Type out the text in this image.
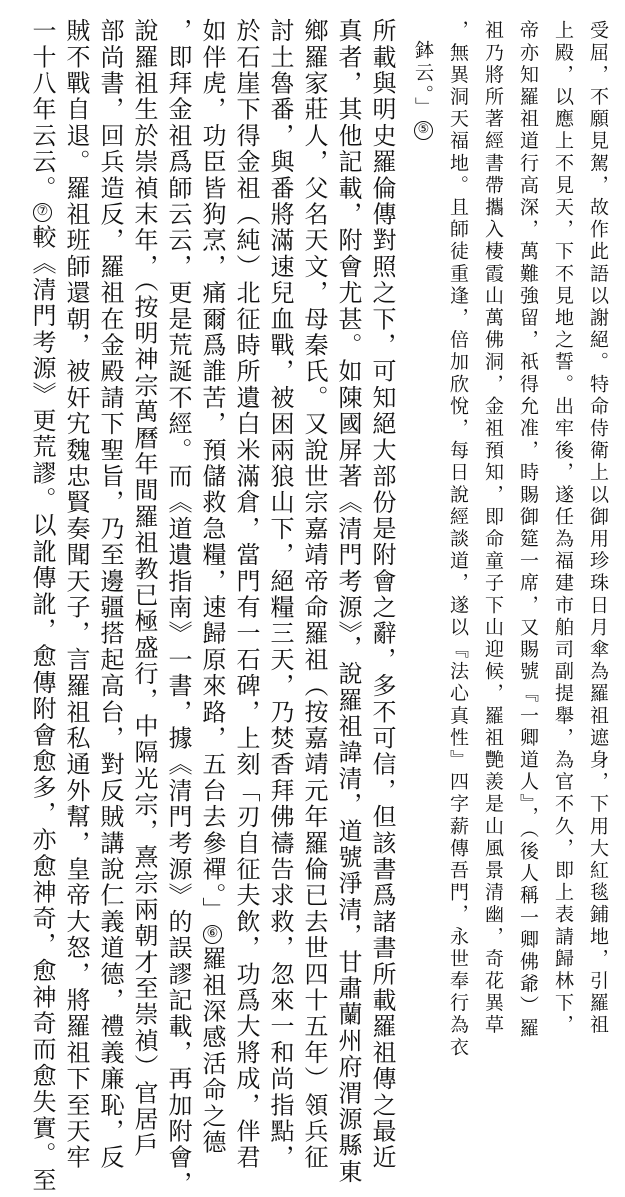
受屈，不願見駕，故作此語以謝絕。特命侍衛上以御用珍珠日月傘為羅祖遮身，下用大紅毯鋪地，引羅祖
上殿，以應上不見天，下不見地之誓。出牢後，遂任為福建市舶司副提舉，為官不久，即上表請歸林下，
帝亦知羅祖道行高深，萬難強留，祇得允准，時賜御筵一席，又賜號『一卿道人』，（後人稱一卿佛爺）羅
祖乃將所著經書帶攜入棲霞山萬佛洞，金祖預知，即命童子下山迎候，羅祖艷羨是山風景清幽，奇花異草
，無異洞天福地。且師徒重逢，倍加欣悅，每日說經談道，遂以『法心真性』四字薪傳吾門，永世奉行為衣
鉢云。」⑤
所載與明史羅倫傳對照之下，可知絕大部份是附會之辭，多不可信，但該書爲諸書所載羅祖傳之最近
真者，其他記載，附會尤甚。如陳國屏著《清門考源》，說羅祖諱清，道號淨清，甘肅蘭州府渭源縣東
鄉羅家莊人，父名天文，母秦氏。又說世宗嘉靖帝命羅祖（按嘉靖元年羅倫已去世四十五年）領兵征
討土魯番，與番將滿速兒血戰，被困兩狼山下，絕糧三天，乃焚香拜佛禱告求救，忽來一和尚指點，
於石崖下得金祖（純）北征時所遺白米滿倉，當門有一石碑，上刻「刃自征夫飲，功爲大將成，伴君
如伴虎，功臣皆狗烹，痛爾爲誰苦，預儲救急糧，速歸原來路，五台去參禪。」⑥羅祖深感活命之德
，即拜金祖爲師云云，更是荒誕不經。而《道遺指南》一書，據《清門考源》的誤謬記載，再加附會，
說羅祖生於崇禎末年，（按明神宗萬曆年間羅祖教已極盛行，中隔光宗，熹宗兩朝才至崇禎）官居戶
部尚書，回兵造反，羅祖在金殿請下聖旨，乃至邊疆搭起高台，對反賊講說仁義道德，禮義廉恥，反
賊不戰自退。羅祖班師還朝，被奸宄魏忠賢奏聞天子，言羅祖私通外幫，皇帝大怒，將羅祖下至天牢
一十八年云云。⑦較《清門考源》更荒謬。以訛傳訛，愈傳附會愈多，亦愈神奇，愈神奇而愈失實。至
